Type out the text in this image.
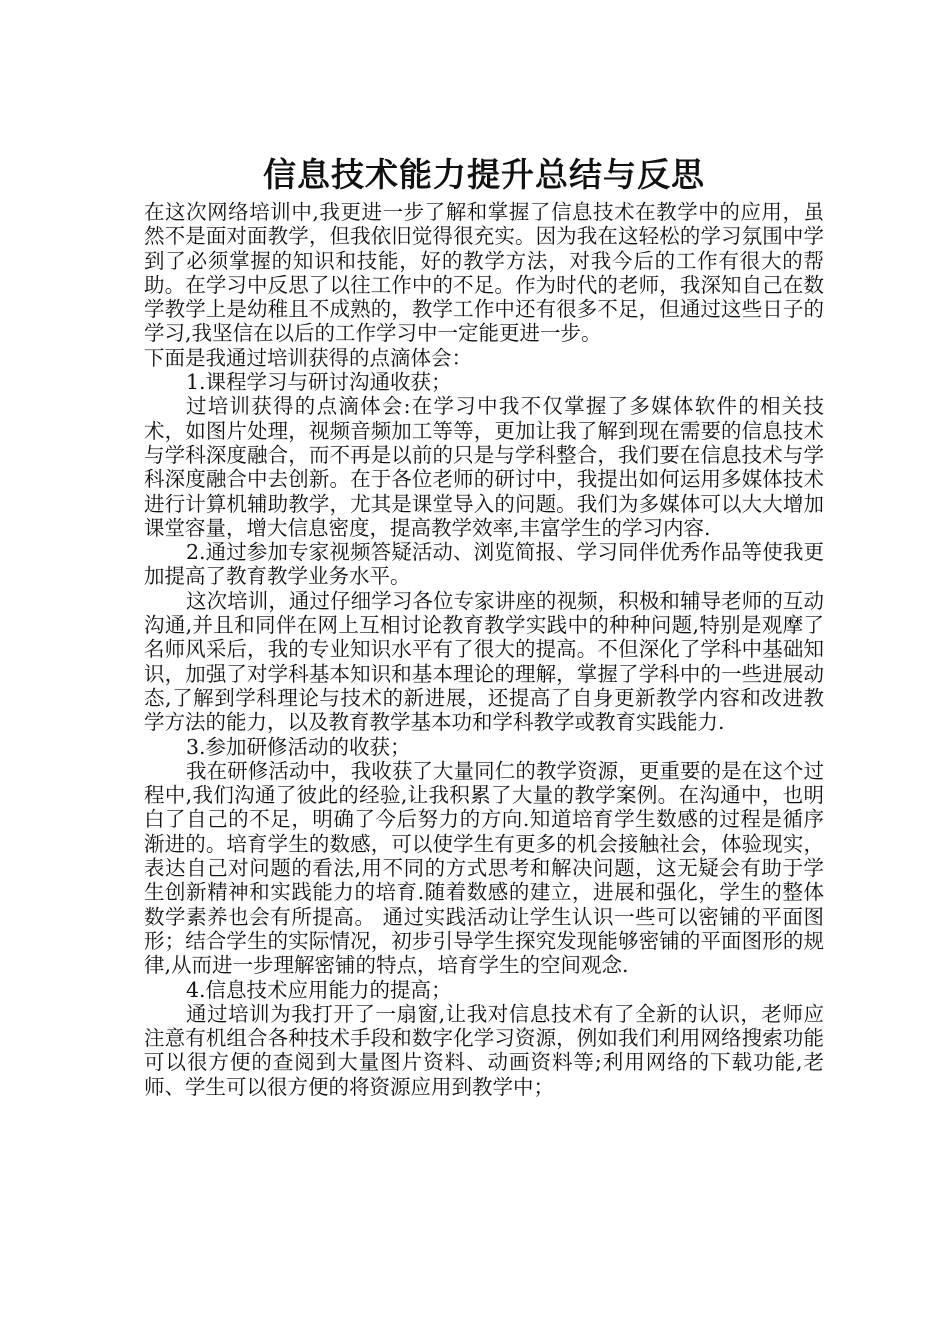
信息技术能力提升总结与反思

在这次网络培训中,我更进一步了解和掌握了信息技术在教学中的应用，虽然不是面对面教学，但我依旧觉得很充实。因为我在这轻松的学习氛围中学到了必须掌握的知识和技能，好的教学方法，对我今后的工作有很大的帮助。在学习中反思了以往工作中的不足。作为时代的老师，我深知自己在数学教学上是幼稚且不成熟的，教学工作中还有很多不足，但通过这些日子的学习,我坚信在以后的工作学习中一定能更进一步。

下面是我通过培训获得的点滴体会：

1.课程学习与研讨沟通收获；

过培训获得的点滴体会:在学习中我不仅掌握了多媒体软件的相关技术，如图片处理，视频音频加工等等，更加让我了解到现在需要的信息技术与学科深度融合，而不再是以前的只是与学科整合，我们要在信息技术与学科深度融合中去创新。在于各位老师的研讨中，我提出如何运用多媒体技术进行计算机辅助教学，尤其是课堂导入的问题。我们为多媒体可以大大增加课堂容量，增大信息密度，提高教学效率,丰富学生的学习内容.

2.通过参加专家视频答疑活动、浏览简报、学习同伴优秀作品等使我更加提高了教育教学业务水平。

这次培训，通过仔细学习各位专家讲座的视频，积极和辅导老师的互动沟通,并且和同伴在网上互相讨论教育教学实践中的种种问题,特别是观摩了名师风采后，我的专业知识水平有了很大的提高。不但深化了学科中基础知识，加强了对学科基本知识和基本理论的理解，掌握了学科中的一些进展动态,了解到学科理论与技术的新进展，还提高了自身更新教学内容和改进教学方法的能力，以及教育教学基本功和学科教学或教育实践能力.

3.参加研修活动的收获；

我在研修活动中，我收获了大量同仁的教学资源，更重要的是在这个过程中,我们沟通了彼此的经验,让我积累了大量的教学案例。在沟通中，也明白了自己的不足，明确了今后努力的方向.知道培育学生数感的过程是循序渐进的。培育学生的数感，可以使学生有更多的机会接触社会，体验现实，表达自己对问题的看法,用不同的方式思考和解决问题，这无疑会有助于学生创新精神和实践能力的培育.随着数感的建立，进展和强化，学生的整体数学素养也会有所提高。 通过实践活动让学生认识一些可以密铺的平面图形；结合学生的实际情况，初步引导学生探究发现能够密铺的平面图形的规律,从而进一步理解密铺的特点，培育学生的空间观念.

4.信息技术应用能力的提高；

通过培训为我打开了一扇窗,让我对信息技术有了全新的认识，老师应注意有机组合各种技术手段和数字化学习资源，例如我们利用网络搜索功能可以很方便的查阅到大量图片资料、动画资料等;利用网络的下载功能,老师、学生可以很方便的将资源应用到教学中；
